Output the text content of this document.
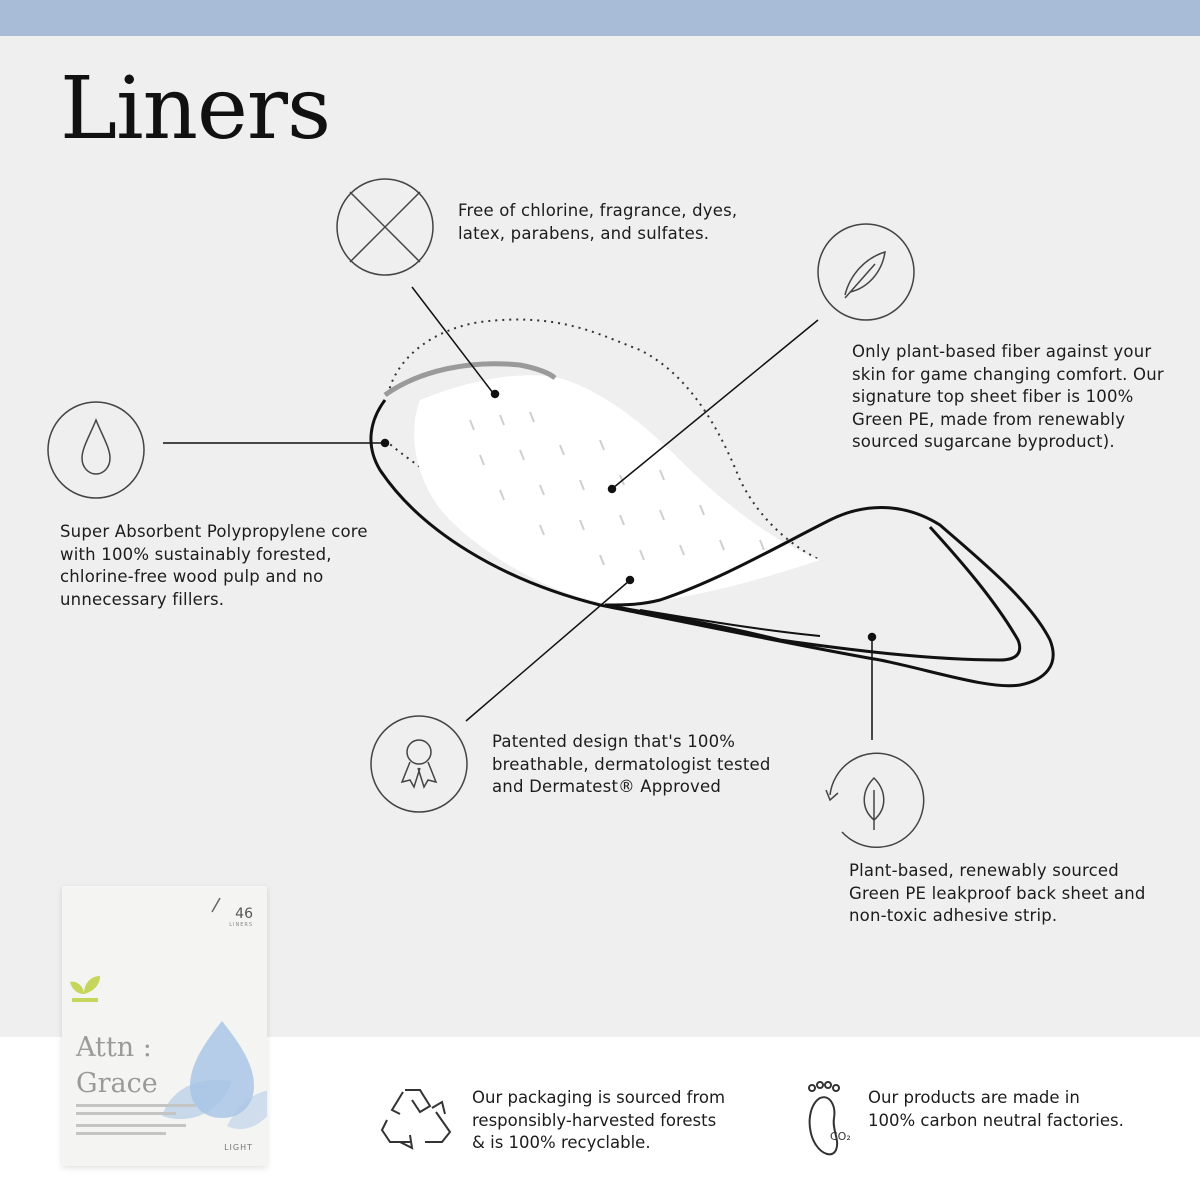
Liners
Free of chlorine, fragrance, dyes, latex, parabens, and sulfates.
Only plant-based fiber against your skin for game changing comfort. Our signature top sheet fiber is 100% Green PE, made from renewably sourced sugarcane byproduct).
Super Absorbent Polypropylene core with 100% sustainably forested, chlorine-free wood pulp and no unnecessary fillers.
Patented design that's 100% breathable, dermatologist tested and Dermatest® Approved
Plant-based, renewably sourced Green PE leakproof back sheet and non-toxic adhesive strip.
CO₂
Our packaging is sourced from responsibly-harvested forests & is 100% recyclable.
Our products are made in 100% carbon neutral factories.
46
LINERS
Attn :
Grace
LIGHT
